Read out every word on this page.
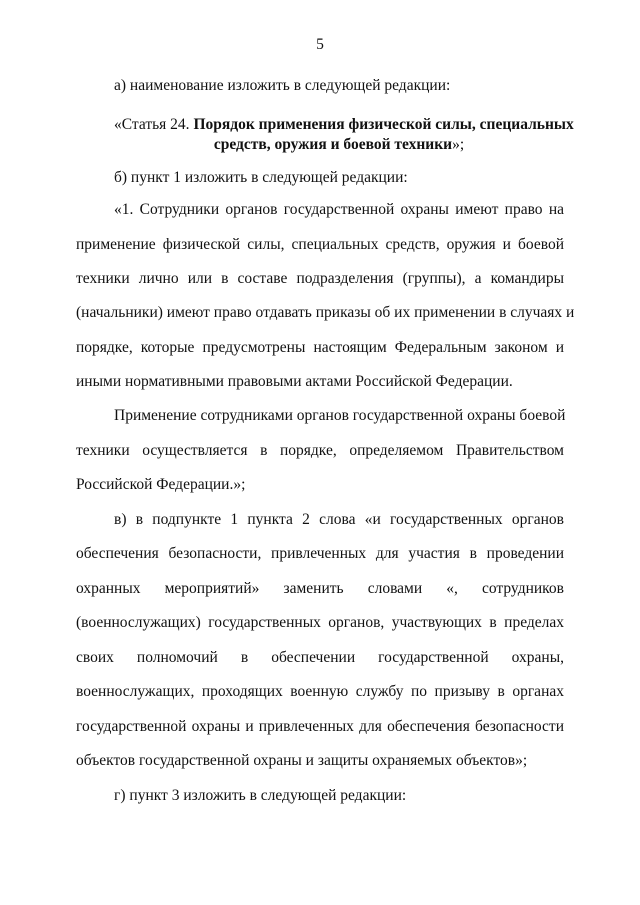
5
а) наименование изложить в следующей редакции:
«Статья 24. Порядок применения физической силы, специальных
средств, оружия и боевой техники»;
б) пункт 1 изложить в следующей редакции:
«1. Сотрудники органов государственной охраны имеют право на
применение физической силы, специальных средств, оружия и боевой
техники лично или в составе подразделения (группы), а командиры
(начальники) имеют право отдавать приказы об их применении в случаях и
порядке, которые предусмотрены настоящим Федеральным законом и
иными нормативными правовыми актами Российской Федерации.
Применение сотрудниками органов государственной охраны боевой
техники осуществляется в порядке, определяемом Правительством
Российской Федерации.»;
в) в подпункте 1 пункта 2 слова «и государственных органов
обеспечения безопасности, привлеченных для участия в проведении
охранных мероприятий» заменить словами «, сотрудников
(военнослужащих) государственных органов, участвующих в пределах
своих полномочий в обеспечении государственной охраны,
военнослужащих, проходящих военную службу по призыву в органах
государственной охраны и привлеченных для обеспечения безопасности
объектов государственной охраны и защиты охраняемых объектов»;
г) пункт 3 изложить в следующей редакции:
